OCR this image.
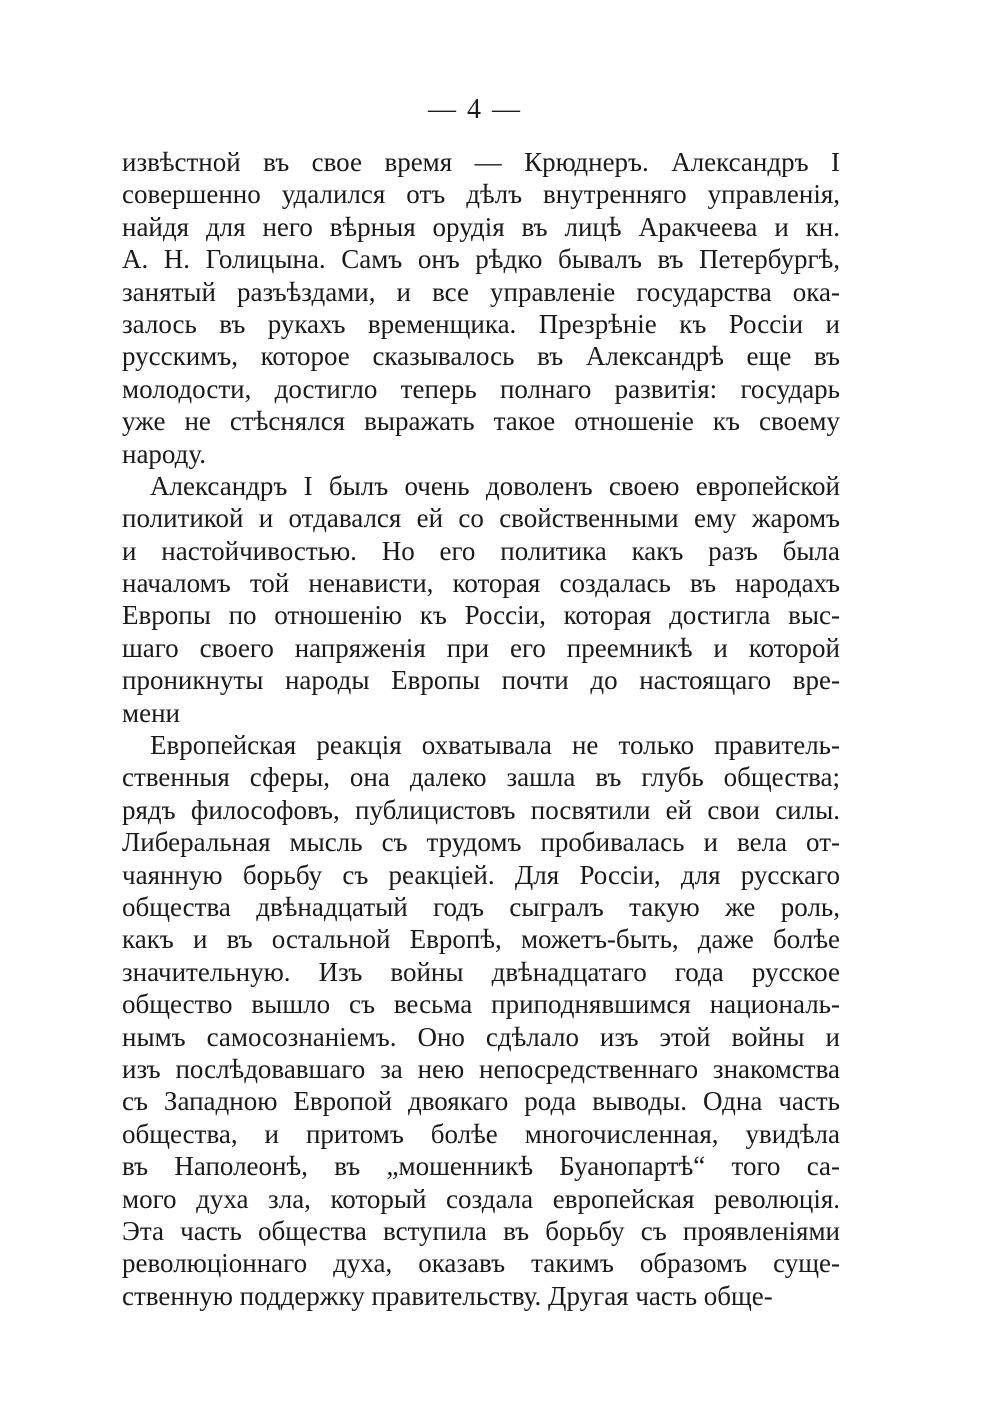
— 4 —
извѣстной въ свое время — Крюднеръ. Александръ I
совершенно удалился отъ дѣлъ внутренняго управленія,
найдя для него вѣрныя орудія въ лицѣ Аракчеева и кн.
А. Н. Голицына. Самъ онъ рѣдко бывалъ въ Петербургѣ,
занятый разъѣздами, и все управленіе государства ока-
залось въ рукахъ временщика. Презрѣніе къ Россіи и
русскимъ, которое сказывалось въ Александрѣ еще въ
молодости, достигло теперь полнаго развитія: государь
уже не стѣснялся выражать такое отношеніе къ своему
народу.
Александръ I былъ очень доволенъ своею европейской
политикой и отдавался ей со свойственными ему жаромъ
и настойчивостью. Но его политика какъ разъ была
началомъ той ненависти, которая создалась въ народахъ
Европы по отношенію къ Россіи, которая достигла выс-
шаго своего напряженія при его преемникѣ и которой
проникнуты народы Европы почти до настоящаго вре-
мени
Европейская реакція охватывала не только правитель-
ственныя сферы, она далеко зашла въ глубь общества;
рядъ философовъ, публицистовъ посвятили ей свои силы.
Либеральная мысль съ трудомъ пробивалась и вела от-
чаянную борьбу съ реакціей. Для Россіи, для русскаго
общества двѣнадцатый годъ сыгралъ такую же роль,
какъ и въ остальной Европѣ, можетъ-быть, даже болѣе
значительную. Изъ войны двѣнадцатаго года русское
общество вышло съ весьма приподнявшимся националь-
нымъ самосознаніемъ. Оно сдѣлало изъ этой войны и
изъ послѣдовавшаго за нею непосредственнаго знакомства
съ Западною Европой двоякаго рода выводы. Одна часть
общества, и притомъ болѣе многочисленная, увидѣла
въ Наполеонѣ, въ „мошенникѣ Буанопартѣ“ того са-
мого духа зла, который создала европейская революція.
Эта часть общества вступила въ борьбу съ проявленіями
революціоннаго духа, оказавъ такимъ образомъ суще-
ственную поддержку правительству. Другая часть обще-
